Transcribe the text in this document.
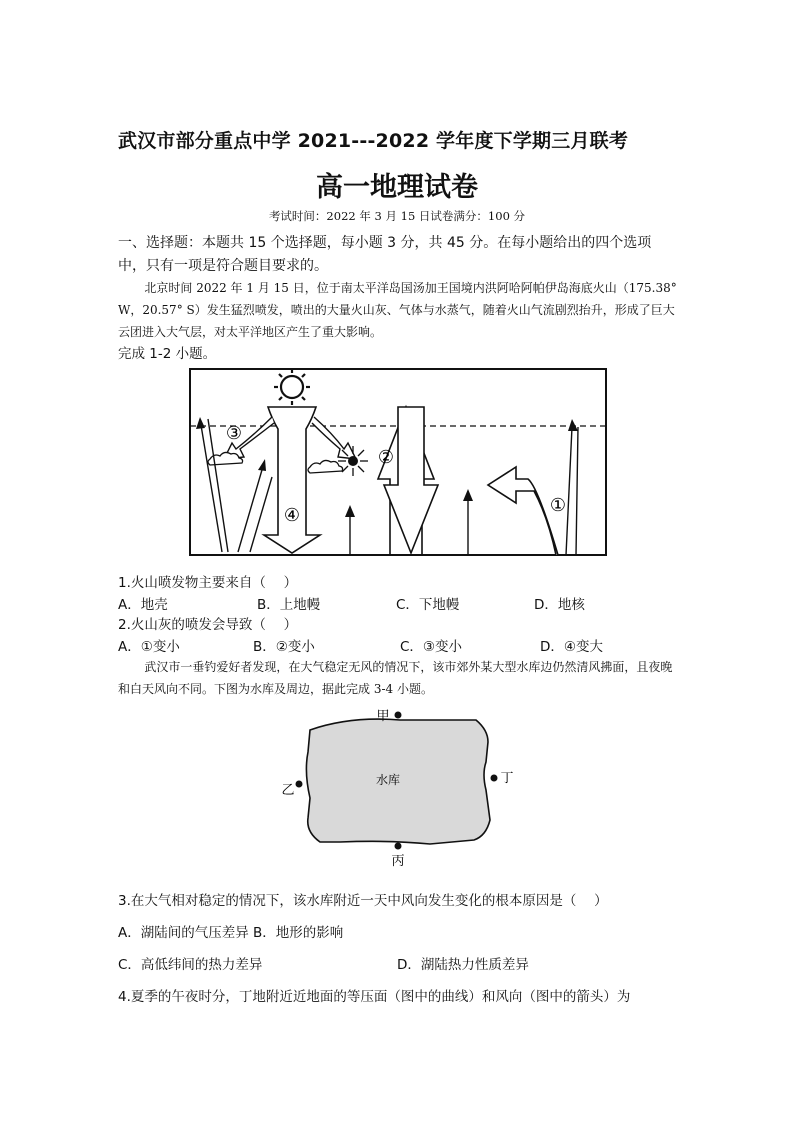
武汉市部分重点中学 2021---2022 学年度下学期三月联考
高一地理试卷
考试时间：2022 年 3 月 15 日试卷满分：100 分
一、选择题：本题共 15 个选择题，每小题 3 分，共 45 分。在每小题给出的四个选项中，只有一项是符合题目要求的。
北京时间 2022 年 1 月 15 日，位于南太平洋岛国汤加王国境内洪阿哈阿帕伊岛海底火山（175.38° W，20.57° S）发生猛烈喷发，喷出的大量火山灰、气体与水蒸气，随着火山气流剧烈抬升，形成了巨大云团进入大气层，对太平洋地区产生了重大影响。
完成 1-2 小题。
③
②
④	①
1.火山喷发物主要来自（　 ）
A．地壳	B．上地幔	C．下地幔	D．地核
2.火山灰的喷发会导致（　 ）
A．①变小	B．②变小	C．③变小	D．④变大
武汉市一垂钓爱好者发现，在大气稳定无风的情况下，该市郊外某大型水库边仍然清风拂面，且夜晚和白天风向不同。下图为水库及周边，据此完成 3-4 小题。
水库
甲
乙
丁
丙
3.在大气相对稳定的情况下，该水库附近一天中风向发生变化的根本原因是（　 ）
A．湖陆间的气压差异 B．地形的影响
C．高低纬间的热力差异	D．湖陆热力性质差异
4.夏季的午夜时分，丁地附近近地面的等压面（图中的曲线）和风向（图中的箭头）为
